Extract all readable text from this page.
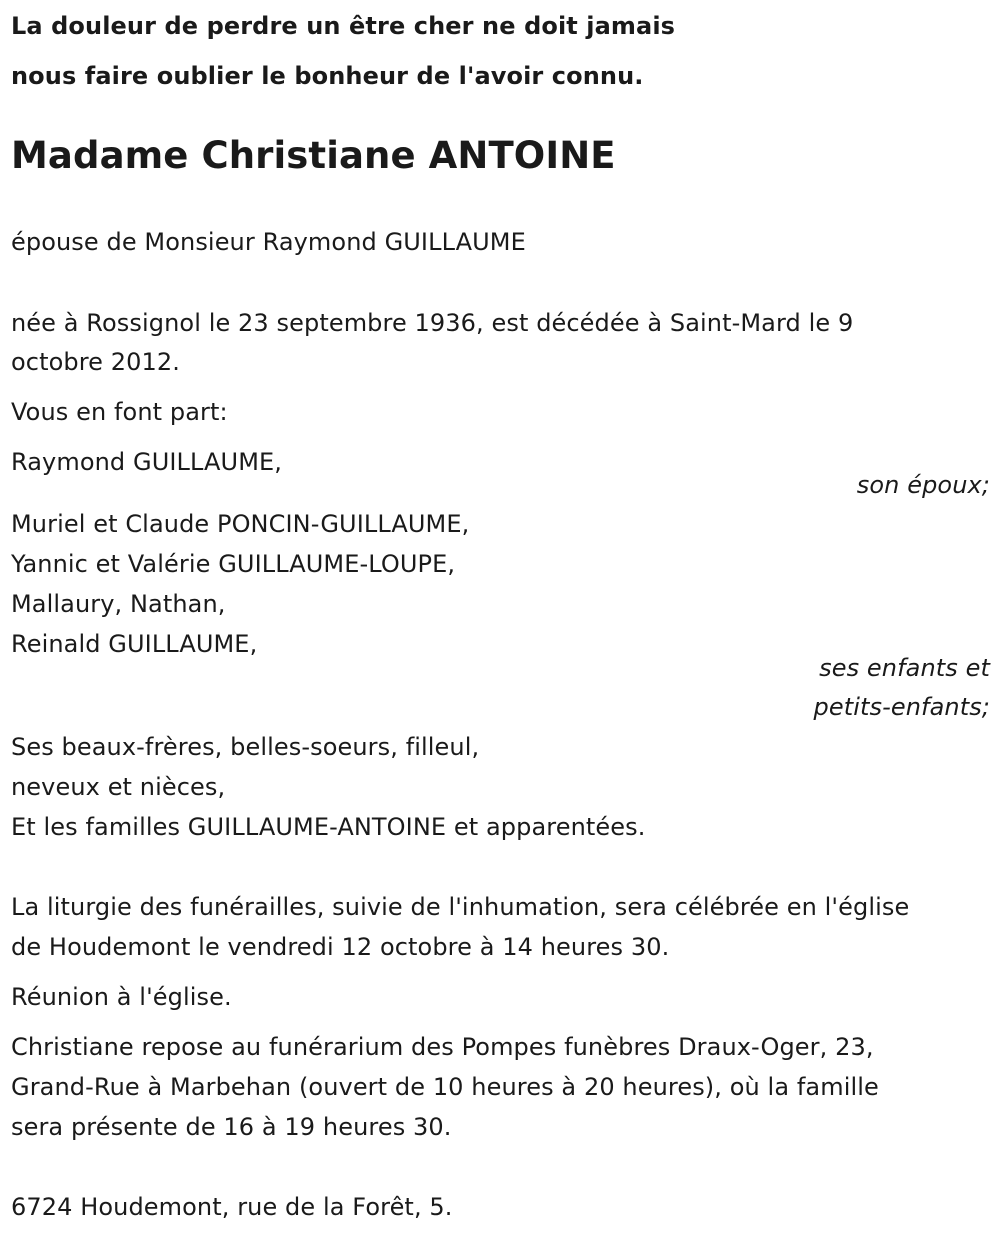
La douleur de perdre un être cher ne doit jamais
nous faire oublier le bonheur de l'avoir connu.
Madame Christiane ANTOINE
épouse de Monsieur Raymond GUILLAUME
née à Rossignol le 23 septembre 1936, est décédée à Saint-Mard le 9
octobre 2012.
Vous en font part:
Raymond GUILLAUME,
son époux;
Muriel et Claude PONCIN-GUILLAUME,
Yannic et Valérie GUILLAUME-LOUPE,
Mallaury, Nathan,
Reinald GUILLAUME,
ses enfants et
petits-enfants;
Ses beaux-frères, belles-soeurs, filleul,
neveux et nièces,
Et les familles GUILLAUME-ANTOINE et apparentées.
La liturgie des funérailles, suivie de l'inhumation, sera célébrée en l'église
de Houdemont le vendredi 12 octobre à 14 heures 30.
Réunion à l'église.
Christiane repose au funérarium des Pompes funèbres Draux-Oger, 23,
Grand-Rue à Marbehan (ouvert de 10 heures à 20 heures), où la famille
sera présente de 16 à 19 heures 30.
6724 Houdemont, rue de la Forêt, 5.
